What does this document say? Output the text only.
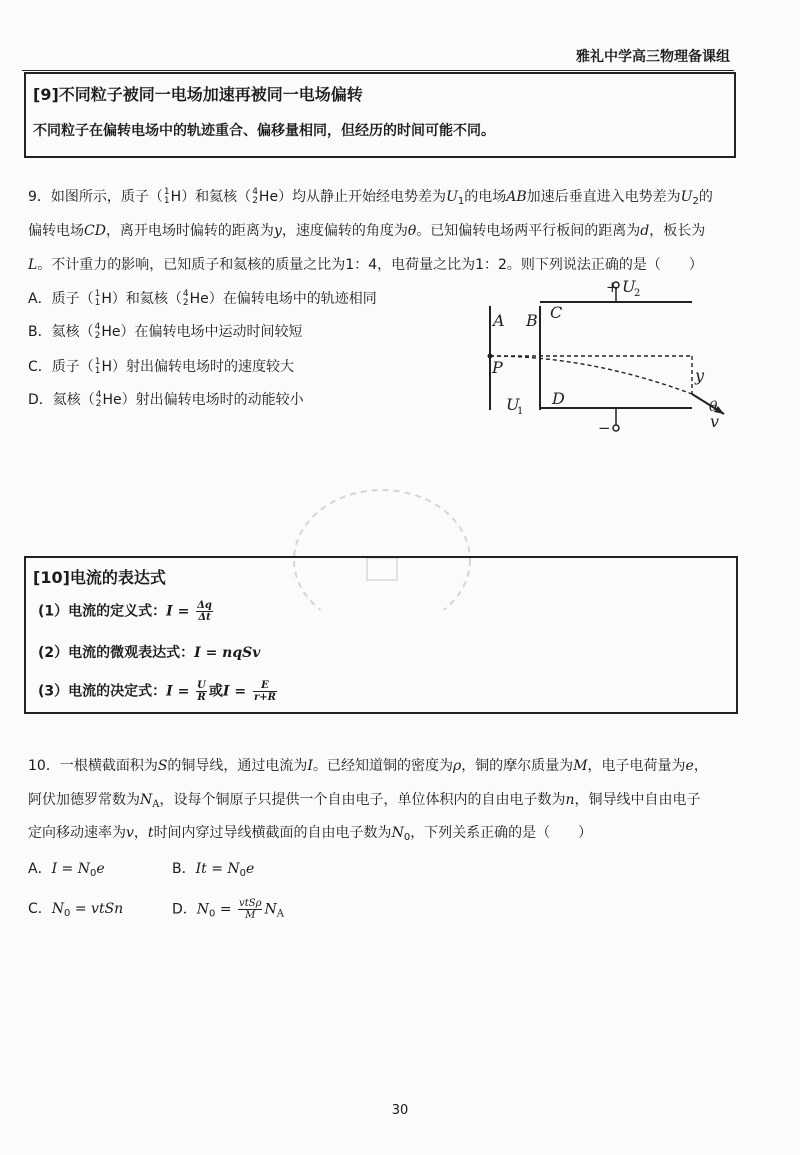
雅礼中学高三物理备课组
[9]不同粒子被同一电场加速再被同一电场偏转
不同粒子在偏转电场中的轨迹重合、偏移量相同，但经历的时间可能不同。
9．如图所示，质子（ 1
1 H）和氦核（ 4
2 He）均从静止开始经电势差为$U_1$的电场AB加速后垂直进入电势差为$U_2$的
偏转电场CD，离开电场时偏转的距离为y，速度偏转的角度为θ。已知偏转电场两平行板间的距离为d，板长为
L。不计重力的影响，已知质子和氦核的质量之比为1：4，电荷量之比为1：2。则下列说法正确的是（　　）
A．质子（ 1
1 H）和氦核（ 4
2 He）在偏转电场中的轨迹相同
B．氦核（ 4
2 He）在偏转电场中运动时间较短
C．质子（ 1
1 H）射出偏转电场时的速度较大
D．氦核（ 4
2 He）射出偏转电场时的动能较小
+ U
2
A B C
P
U
1
D
y
θ
v
−
[10]电流的表达式
(1）电流的定义式：$I = \frac{\Delta q}{\Delta t}$
(2）电流的微观表达式：I = nqSv
(3）电流的决定式：$I = \frac{U}{R}$ 或$I = \frac{E}{r+R}$
10．一根横截面积为S的铜导线，通过电流为I。已经知道铜的密度为ρ，铜的摩尔质量为M，电子电荷量为e，
阿伏加德罗常数为$N_A$，设每个铜原子只提供一个自由电子，单位体积内的自由电子数为n，铜导线中自由电子
定向移动速率为v，t时间内穿过导线横截面的自由电子数为$N_0$，下列关系正确的是（　　）
A．$I = N_0e$	B．$It = N_0e$
C．$N_0$ = vtSn	D．$N_0 = \frac{\text{vtSρ}}{M} N_A$
30
